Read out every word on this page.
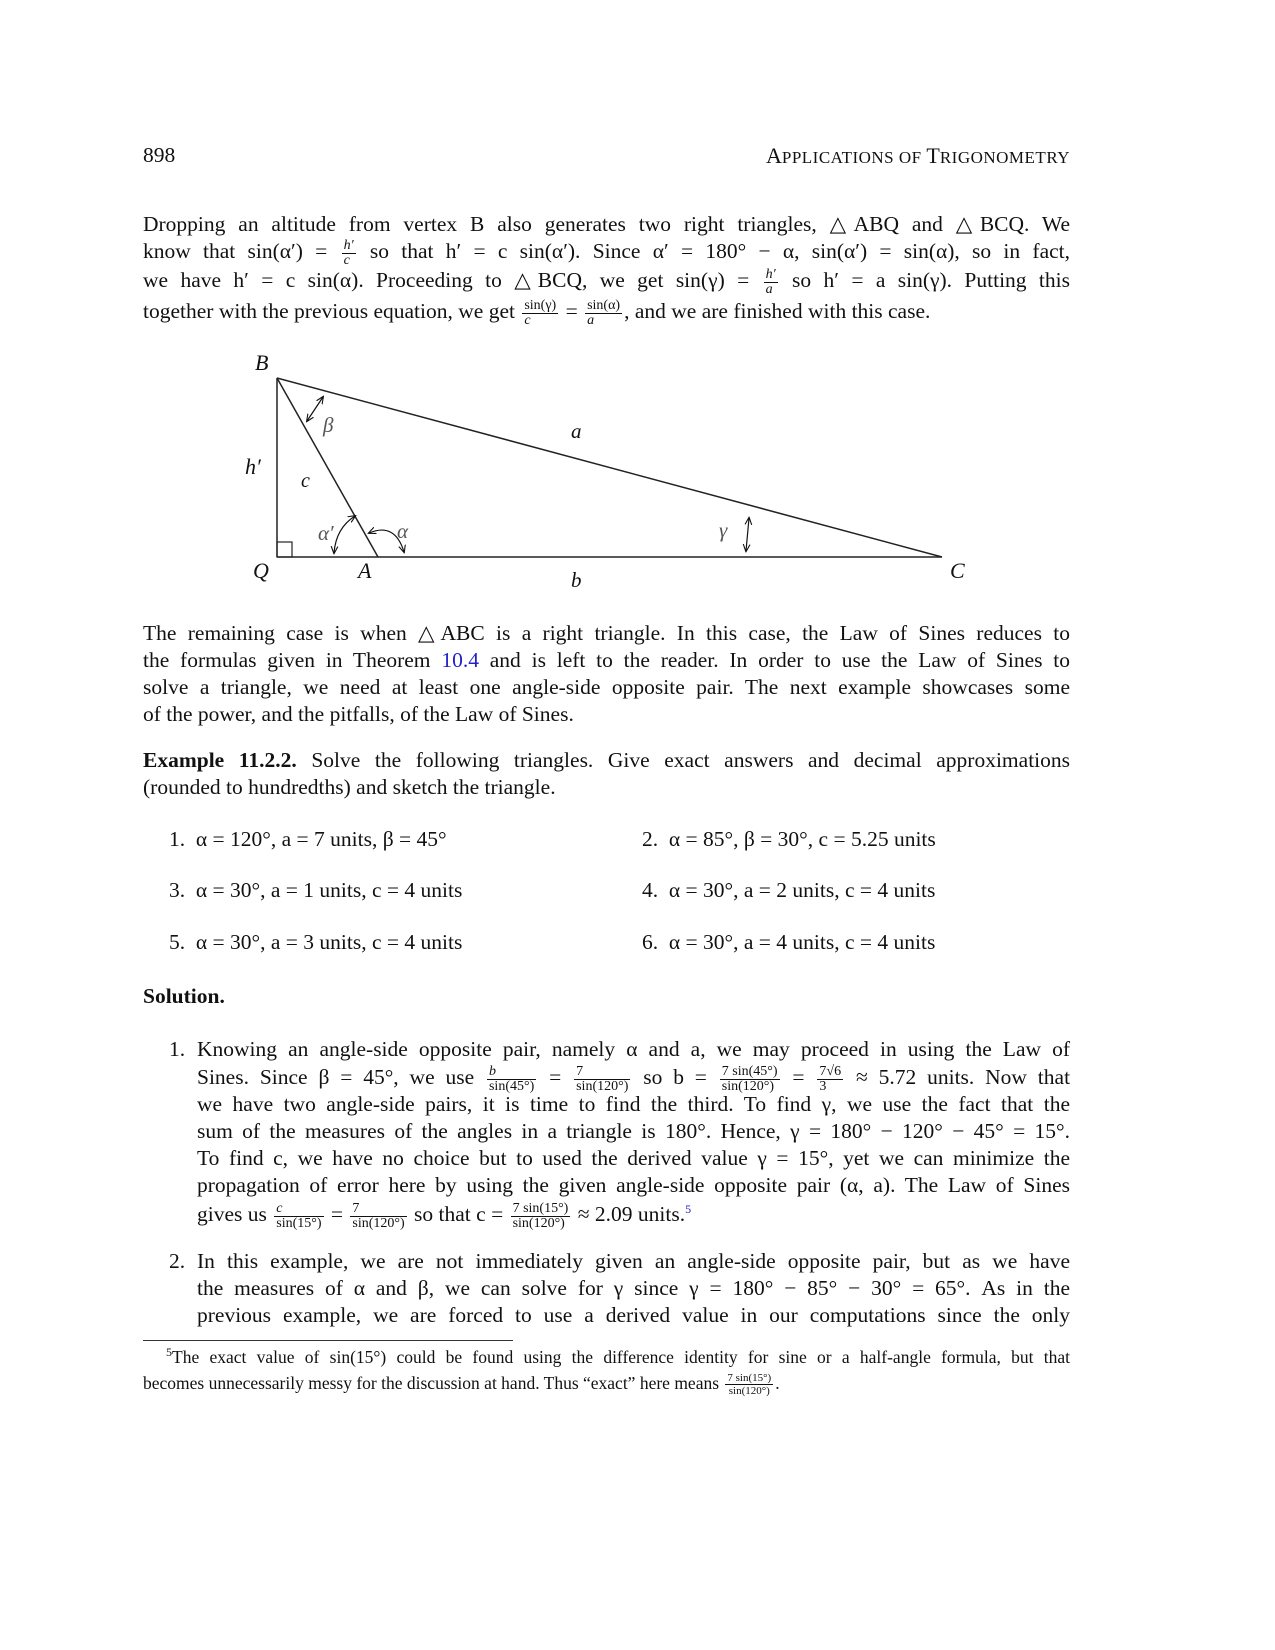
898	APPLICATIONS OF TRIGONOMETRY
Dropping an altitude from vertex B also generates two right triangles, △ABQ and △BCQ. We
know that $\sin(\alpha') = \frac{h'}{c}$ so that h′ = c sin(α′). Since α′ = 180° − α, sin(α′) = sin(α), so in fact,
we have h′ = c sin(α). Proceeding to △BCQ, we get $\sin(\gamma) = \frac{h'}{a}$ so h′ = a sin(γ). Putting this
together with the previous equation, we get $\frac{\sin(\gamma)}{c} = \frac{\sin(\alpha)}{a}$ , and we are finished with this case.
B
Q	A	C
a
b
c
h′
β
α
α′	γ
The remaining case is when △ABC is a right triangle. In this case, the Law of Sines reduces to
the formulas given in Theorem 10.4 and is left to the reader. In order to use the Law of Sines to
solve a triangle, we need at least one angle-side opposite pair. The next example showcases some
of the power, and the pitfalls, of the Law of Sines.
Example 11.2.2. Solve the following triangles. Give exact answers and decimal approximations
(rounded to hundredths) and sketch the triangle.
1. α = 120°, a = 7 units, β = 45°	2. α = 85°, β = 30°, c = 5.25 units
3. α = 30°, a = 1 units, c = 4 units	4. α = 30°, a = 2 units, c = 4 units
5. α = 30°, a = 3 units, c = 4 units	6. α = 30°, a = 4 units, c = 4 units
Solution.
1. Knowing an angle-side opposite pair, namely α and a, we may proceed in using the Law of
Sines. Since β = 45°, we use $\frac{b}{\sin(45^\circ)} = \frac{7}{\sin(120^\circ)}$ so $b = \frac{7 \sin(45^\circ)}{\sin(120^\circ)} = \frac{7√6}{3} \approx 5.72$ units. Now that
we have two angle-side pairs, it is time to find the third. To find γ, we use the fact that the
sum of the measures of the angles in a triangle is 180°. Hence, γ = 180° − 120° − 45° = 15°.
To find c, we have no choice but to used the derived value γ = 15°, yet we can minimize the
propagation of error here by using the given angle-side opposite pair (α, a). The Law of Sines
gives us $\frac{c}{\sin(15^\circ)} = \frac{7}{\sin(120^\circ)}$ so that $c = \frac{7 \sin(15^\circ)}{\sin(120^\circ)} \approx 2.09$ units.$^5$
2. In this example, we are not immediately given an angle-side opposite pair, but as we have
the measures of α and β, we can solve for γ since γ = 180° − 85° − 30° = 65°. As in the
previous example, we are forced to use a derived value in our computations since the only
$^5$The exact value of sin(15°) could be found using the difference identity for sine or a half-angle formula, but that
becomes unnecessarily messy for the discussion at hand. Thus “exact” here means $\frac{7 \sin(15^\circ)}{\sin(120^\circ)}$ .
